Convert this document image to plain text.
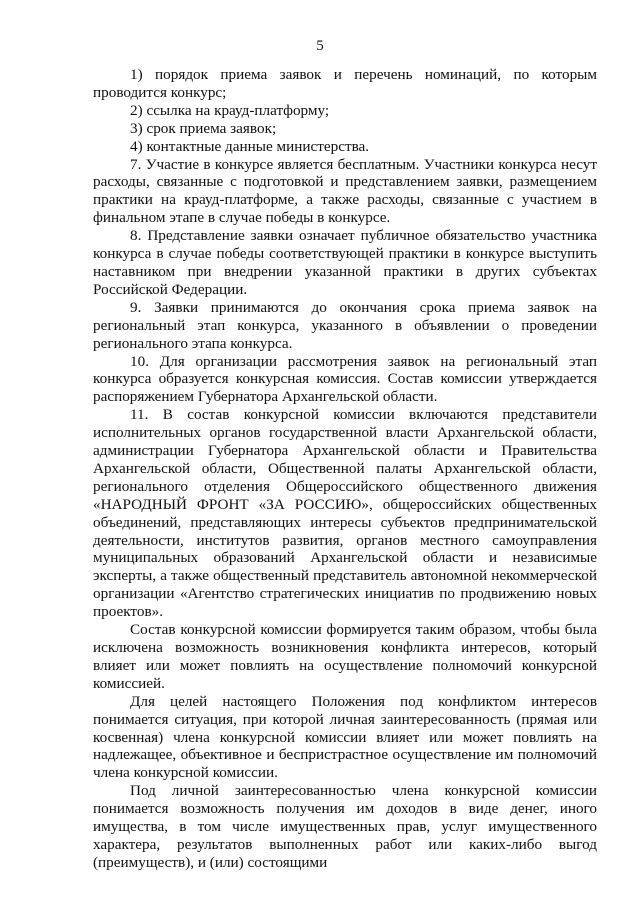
5

1) порядок приема заявок и перечень номинаций, по которым проводится конкурс;

2) ссылка на крауд-платформу;

3) срок приема заявок;

4) контактные данные министерства.

7. Участие в конкурсе является бесплатным. Участники конкурса несут расходы, связанные с подготовкой и представлением заявки, размещением практики на крауд-платформе, а также расходы, связанные с участием в финальном этапе в случае победы в конкурсе.

8. Представление заявки означает публичное обязательство участника конкурса в случае победы соответствующей практики в конкурсе выступить наставником при внедрении указанной практики в других субъектах Российской Федерации.

9. Заявки принимаются до окончания срока приема заявок на региональный этап конкурса, указанного в объявлении о проведении регионального этапа конкурса.

10. Для организации рассмотрения заявок на региональный этап конкурса образуется конкурсная комиссия. Состав комиссии утверждается распоряжением Губернатора Архангельской области.

11. В состав конкурсной комиссии включаются представители исполнительных органов государственной власти Архангельской области, администрации Губернатора Архангельской области и Правительства Архангельской области, Общественной палаты Архангельской области, регионального отделения Общероссийского общественного движения «НАРОДНЫЙ ФРОНТ «ЗА РОССИЮ», общероссийских общественных объединений, представляющих интересы субъектов предпринимательской деятельности, институтов развития, органов местного самоуправления муниципальных образований Архангельской области и независимые эксперты, а также общественный представитель автономной некоммерческой организации «Агентство стратегических инициатив по продвижению новых проектов».

Состав конкурсной комиссии формируется таким образом, чтобы была исключена возможность возникновения конфликта интересов, который влияет или может повлиять на осуществление полномочий конкурсной комиссией.

Для целей настоящего Положения под конфликтом интересов понимается ситуация, при которой личная заинтересованность (прямая или косвенная) члена конкурсной комиссии влияет или может повлиять на надлежащее, объективное и беспристрастное осуществление им полномочий члена конкурсной комиссии.

Под личной заинтересованностью члена конкурсной комиссии понимается возможность получения им доходов в виде денег, иного имущества, в том числе имущественных прав, услуг имущественного характера, результатов выполненных работ или каких-либо выгод (преимуществ), и (или) состоящими
